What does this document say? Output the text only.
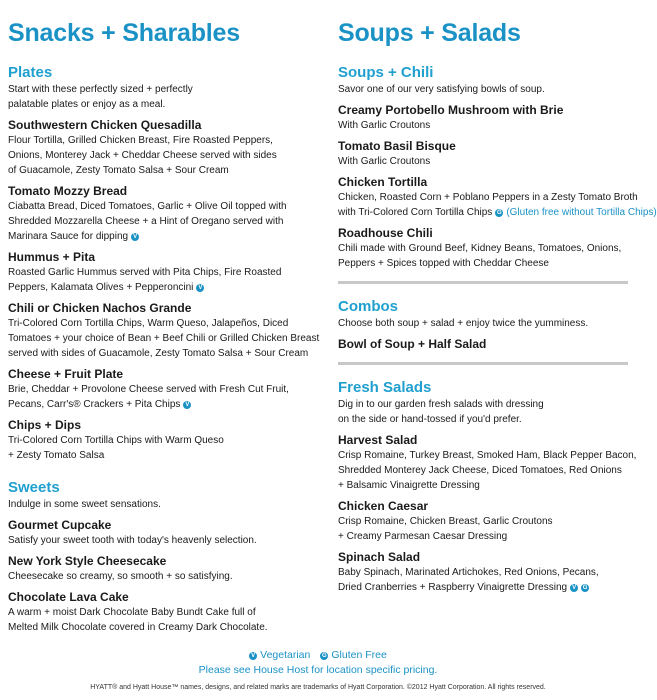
Snacks + Sharables
Plates
Start with these perfectly sized + perfectly
palatable plates or enjoy as a meal.
Southwestern Chicken Quesadilla
Flour Tortilla, Grilled Chicken Breast, Fire Roasted Peppers,
Onions, Monterey Jack + Cheddar Cheese served with sides
of Guacamole, Zesty Tomato Salsa + Sour Cream
Tomato Mozzy Bread
Ciabatta Bread, Diced Tomatoes, Garlic + Olive Oil topped with
Shredded Mozzarella Cheese + a Hint of Oregano served with
Marinara Sauce for dipping V
Hummus + Pita
Roasted Garlic Hummus served with Pita Chips, Fire Roasted
Peppers, Kalamata Olives + Pepperoncini V
Chili or Chicken Nachos Grande
Tri-Colored Corn Tortilla Chips, Warm Queso, Jalapeños, Diced
Tomatoes + your choice of Bean + Beef Chili or Grilled Chicken Breast
served with sides of Guacamole, Zesty Tomato Salsa + Sour Cream
Cheese + Fruit Plate
Brie, Cheddar + Provolone Cheese served with Fresh Cut Fruit,
Pecans, Carr's® Crackers + Pita Chips V
Chips + Dips
Tri-Colored Corn Tortilla Chips with Warm Queso
+ Zesty Tomato Salsa
Sweets
Indulge in some sweet sensations.
Gourmet Cupcake
Satisfy your sweet tooth with today's heavenly selection.
New York Style Cheesecake
Cheesecake so creamy, so smooth + so satisfying.
Chocolate Lava Cake
A warm + moist Dark Chocolate Baby Bundt Cake full of
Melted Milk Chocolate covered in Creamy Dark Chocolate.
Soups + Salads
Soups + Chili
Savor one of our very satisfying bowls of soup.
Creamy Portobello Mushroom with Brie
With Garlic Croutons
Tomato Basil Bisque
With Garlic Croutons
Chicken Tortilla
Chicken, Roasted Corn + Poblano Peppers in a Zesty Tomato Broth
with Tri-Colored Corn Tortilla Chips G (Gluten free without Tortilla Chips)
Roadhouse Chili
Chili made with Ground Beef, Kidney Beans, Tomatoes, Onions,
Peppers + Spices topped with Cheddar Cheese
Combos
Choose both soup + salad + enjoy twice the yumminess.
Bowl of Soup + Half Salad
Fresh Salads
Dig in to our garden fresh salads with dressing
on the side or hand-tossed if you'd prefer.
Harvest Salad
Crisp Romaine, Turkey Breast, Smoked Ham, Black Pepper Bacon,
Shredded Monterey Jack Cheese, Diced Tomatoes, Red Onions
+ Balsamic Vinaigrette Dressing
Chicken Caesar
Crisp Romaine, Chicken Breast, Garlic Croutons
+ Creamy Parmesan Caesar Dressing
Spinach Salad
Baby Spinach, Marinated Artichokes, Red Onions, Pecans,
Dried Cranberries + Raspberry Vinaigrette Dressing V G
V Vegetarian G Gluten Free
Please see House Host for location specific pricing.
HYATT® and Hyatt House™ names, designs, and related marks are trademarks of Hyatt Corporation. ©2012 Hyatt Corporation. All rights reserved.
